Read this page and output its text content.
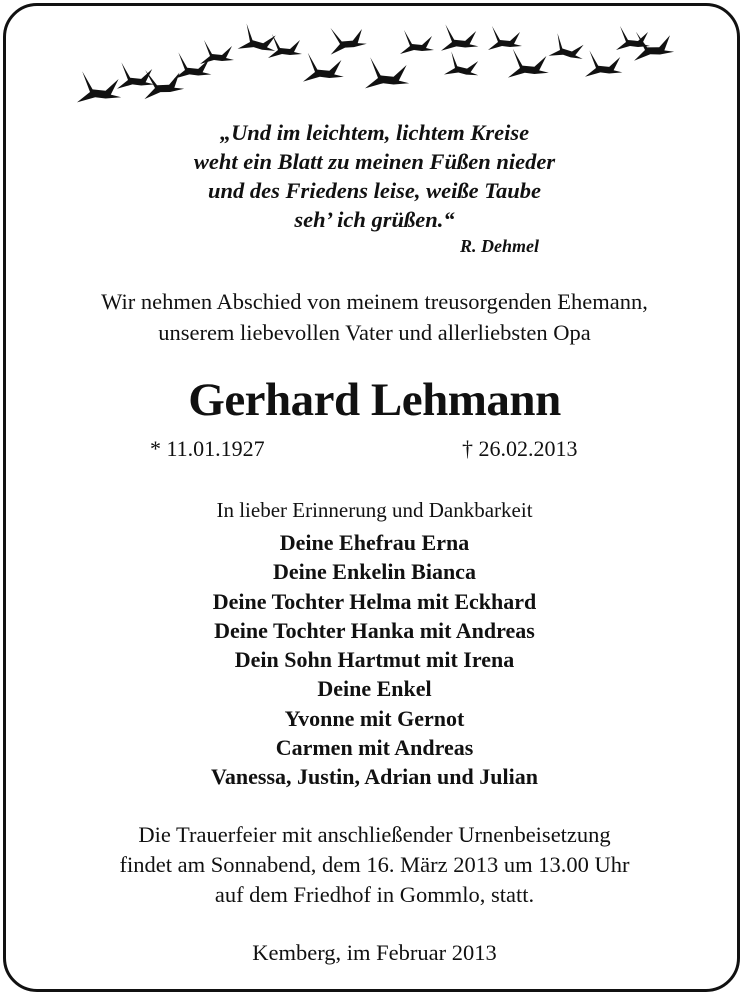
„Und im leichtem, lichtem Kreise
weht ein Blatt zu meinen Füßen nieder
und des Friedens leise, weiße Taube
seh’ ich grüßen.“
R. Dehmel
Wir nehmen Abschied von meinem treusorgenden Ehemann,
unserem liebevollen Vater und allerliebsten Opa
Gerhard Lehmann
* 11.01.1927	† 26.02.2013
In lieber Erinnerung und Dankbarkeit
Deine Ehefrau Erna
Deine Enkelin Bianca
Deine Tochter Helma mit Eckhard
Deine Tochter Hanka mit Andreas
Dein Sohn Hartmut mit Irena
Deine Enkel
Yvonne mit Gernot
Carmen mit Andreas
Vanessa, Justin, Adrian und Julian
Die Trauerfeier mit anschließender Urnenbeisetzung
findet am Sonnabend, dem 16. März 2013 um 13.00 Uhr
auf dem Friedhof in Gommlo, statt.
Kemberg, im Februar 2013
